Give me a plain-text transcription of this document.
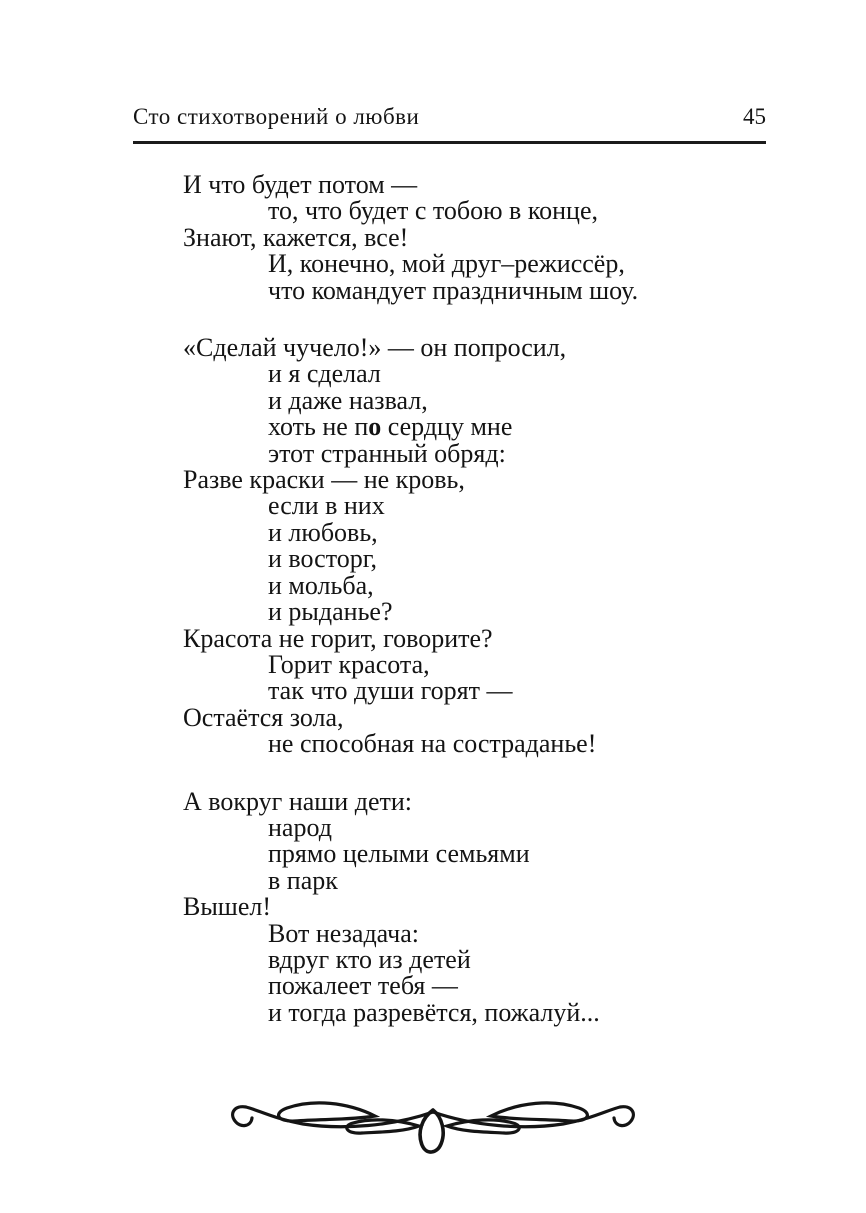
Сто стихотворений о любви	45
И что будет потом —
то, что будет с тобою в конце,
Знают, кажется, все!
И, конечно, мой друг–режиссёр,
что командует праздничным шоу.
«Сделай чучело!» — он попросил,
и я сделал
и даже назвал,
хоть не по сердцу мне
этот странный обряд:
Разве краски — не кровь,
если в них
и любовь,
и восторг,
и мольба,
и рыданье?
Красота не горит, говорите?
Горит красота,
так что души горят —
Остаётся зола,
не способная на состраданье!
А вокруг наши дети:
народ
прямо целыми семьями
в парк
Вышел!
Вот незадача:
вдруг кто из детей
пожалеет тебя —
и тогда разревётся, пожалуй...
